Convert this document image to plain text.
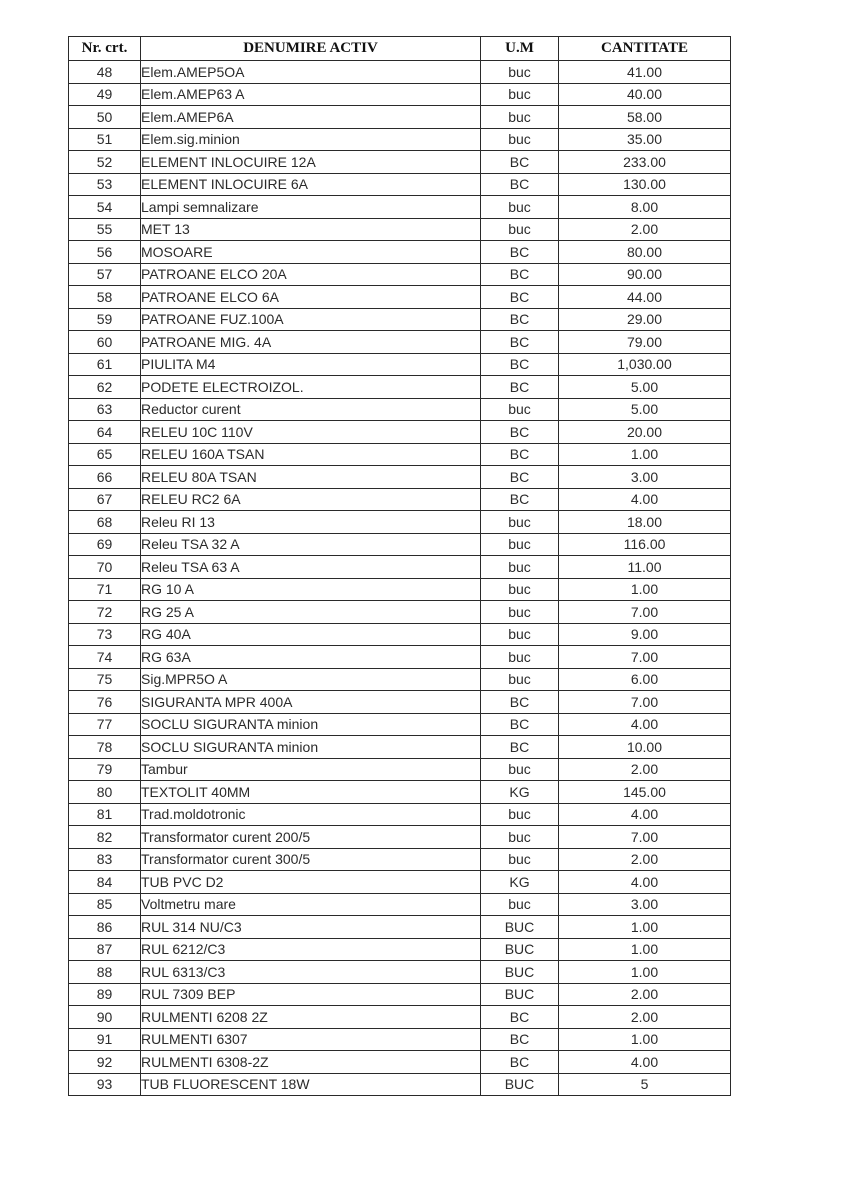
Nr. crt.	DENUMIRE ACTIV	U.M	CANTITATE
48	Elem.AMEP5OA	buc	41.00
49	Elem.AMEP63 A	buc	40.00
50	Elem.AMEP6A	buc	58.00
51	Elem.sig.minion	buc	35.00
52	ELEMENT INLOCUIRE 12A	BC	233.00
53	ELEMENT INLOCUIRE 6A	BC	130.00
54	Lampi semnalizare	buc	8.00
55	MET 13	buc	2.00
56	MOSOARE	BC	80.00
57	PATROANE ELCO 20A	BC	90.00
58	PATROANE ELCO 6A	BC	44.00
59	PATROANE FUZ.100A	BC	29.00
60	PATROANE MIG. 4A	BC	79.00
61	PIULITA M4	BC	1,030.00
62	PODETE ELECTROIZOL.	BC	5.00
63	Reductor curent	buc	5.00
64	RELEU 10C 110V	BC	20.00
65	RELEU 160A TSAN	BC	1.00
66	RELEU 80A TSAN	BC	3.00
67	RELEU RC2 6A	BC	4.00
68	Releu RI 13	buc	18.00
69	Releu TSA 32 A	buc	116.00
70	Releu TSA 63 A	buc	11.00
71	RG 10 A	buc	1.00
72	RG 25 A	buc	7.00
73	RG 40A	buc	9.00
74	RG 63A	buc	7.00
75	Sig.MPR5O A	buc	6.00
76	SIGURANTA MPR 400A	BC	7.00
77	SOCLU SIGURANTA minion	BC	4.00
78	SOCLU SIGURANTA minion	BC	10.00
79	Tambur	buc	2.00
80	TEXTOLIT 40MM	KG	145.00
81	Trad.moldotronic	buc	4.00
82	Transformator curent 200/5	buc	7.00
83	Transformator curent 300/5	buc	2.00
84	TUB PVC D2	KG	4.00
85	Voltmetru mare	buc	3.00
86	RUL 314 NU/C3	BUC	1.00
87	RUL 6212/C3	BUC	1.00
88	RUL 6313/C3	BUC	1.00
89	RUL 7309 BEP	BUC	2.00
90	RULMENTI 6208 2Z	BC	2.00
91	RULMENTI 6307	BC	1.00
92	RULMENTI 6308-2Z	BC	4.00
93	TUB FLUORESCENT 18W	BUC	5
